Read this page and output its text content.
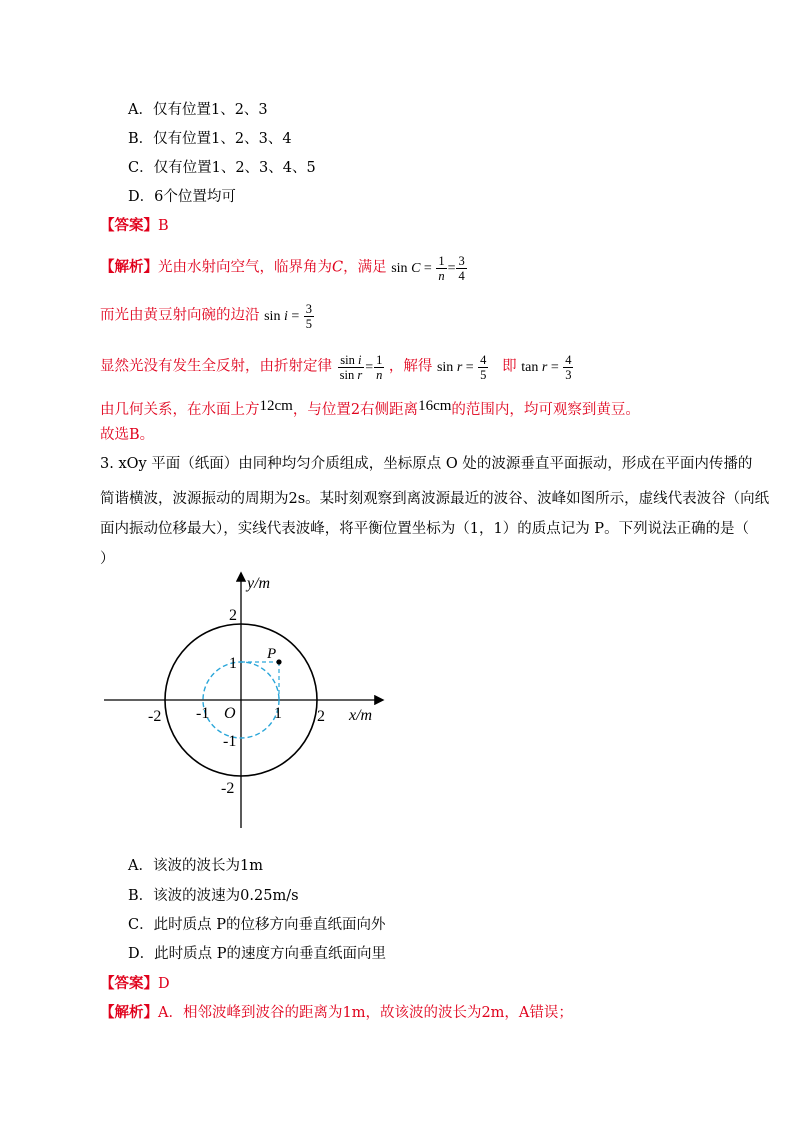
A．仅有位置1、2、3
B．仅有位置1、2、3、4
C．仅有位置1、2、3、4、5
D．6个位置均可
【答案】B
【解析】光由水射向空气，临界角为C，满足 $\sin C = \frac{1}{n} = \frac{3}{4}$
而光由黄豆射向碗的边沿 $\sin i = \frac{3}{5}$
显然光没有发生全反射，由折射定律 $\frac{\text{sin i}}{\text{sin r}} = \frac{1}{n}$ ，解得 $\sin r = \frac{4}{5}$ 即 $\tan r = \frac{4}{3}$
由几何关系，在水面上方12cm，与位置2右侧距离16cm的范围内，均可观察到黄豆。
故选B。
3. xOy 平面（纸面）由同种均匀介质组成，坐标原点 O 处的波源垂直平面振动，形成在平面内传播的
简谐横波，波源振动的周期为2s。某时刻观察到离波源最近的波谷、波峰如图所示，虚线代表波谷（向纸
面内振动位移最大），实线代表波峰，将平衡位置坐标为（1，1）的质点记为 P。下列说法正确的是（
）
P
y/m
x/m
O	2
-2	1
-1
2
-2
1
-1
A．该波的波长为1m
B．该波的波速为0.25m/s
C．此时质点 P的位移方向垂直纸面向外
D．此时质点 P的速度方向垂直纸面向里
【答案】D
【解析】A．相邻波峰到波谷的距离为1m，故该波的波长为2m，A错误；
